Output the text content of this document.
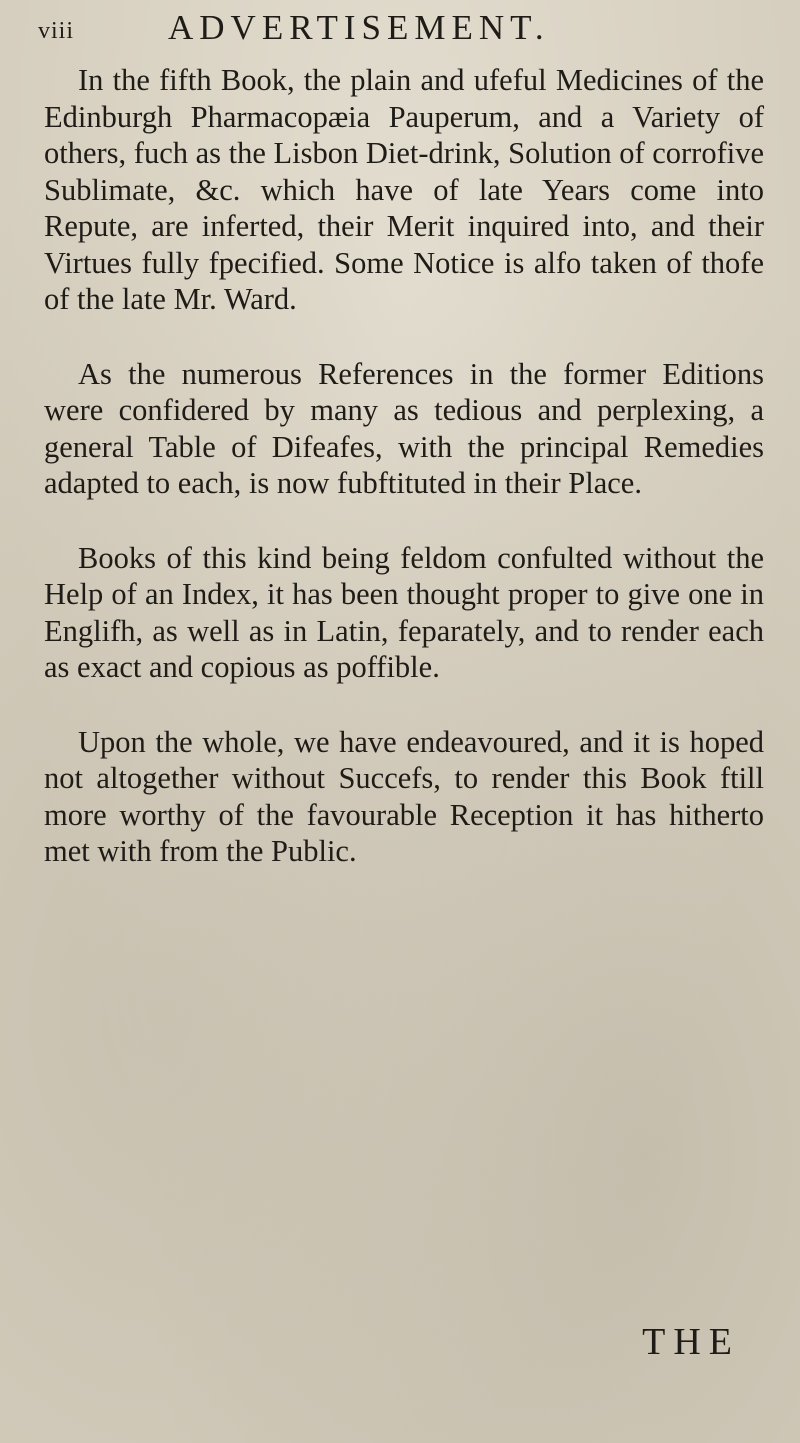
viii	ADVERTISEMENT.

In the fifth Book, the plain and ufeful Medicines of the Edinburgh Pharmacopæia Pauperum, and a Variety of others, fuch as the Lisbon Diet-drink, Solution of corrofive Sublimate, &c. which have of late Years come into Repute, are inferted, their Merit inquired into, and their Virtues fully fpecified. Some Notice is alfo taken of thofe of the late Mr. Ward.

As the numerous References in the former Editions were confidered by many as tedious and perplexing, a general Table of Difeafes, with the principal Remedies adapted to each, is now fubftituted in their Place.

Books of this kind being feldom confulted without the Help of an Index, it has been thought proper to give one in Englifh, as well as in Latin, feparately, and to render each as exact and copious as poffible.

Upon the whole, we have endeavoured, and it is hoped not altogether without Succefs, to render this Book ftill more worthy of the favourable Reception it has hitherto met with from the Public.

THE
